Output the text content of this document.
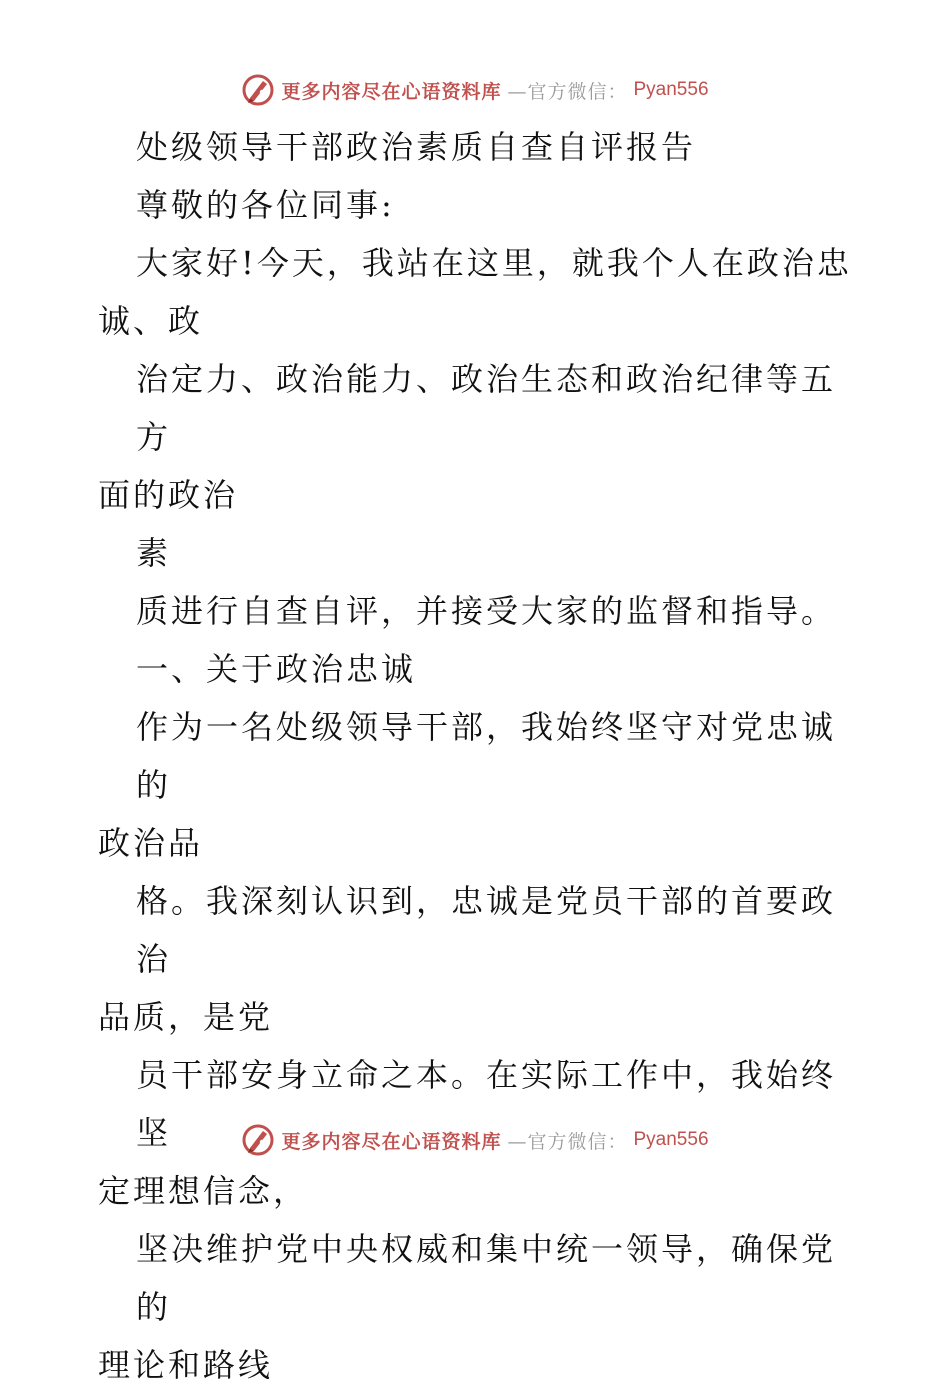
更多内容尽在心语资料库 —官方微信： Pyan556

处级领导干部政治素质自查自评报告

尊敬的各位同事:

大家好!今天，我站在这里，就我个人在政治忠

诚、政

治定力、政治能力、政治生态和政治纪律等五方

面的政治

素

质进行自查自评，并接受大家的监督和指导。

一、关于政治忠诚

作为一名处级领导干部，我始终坚守对党忠诚的

政治品

格。我深刻认识到，忠诚是党员干部的首要政治

品质，是党

员干部安身立命之本。在实际工作中，我始终坚

定理想信念，

坚决维护党中央权威和集中统一领导，确保党的

理论和路线

更多内容尽在心语资料库 —官方微信： Pyan556
